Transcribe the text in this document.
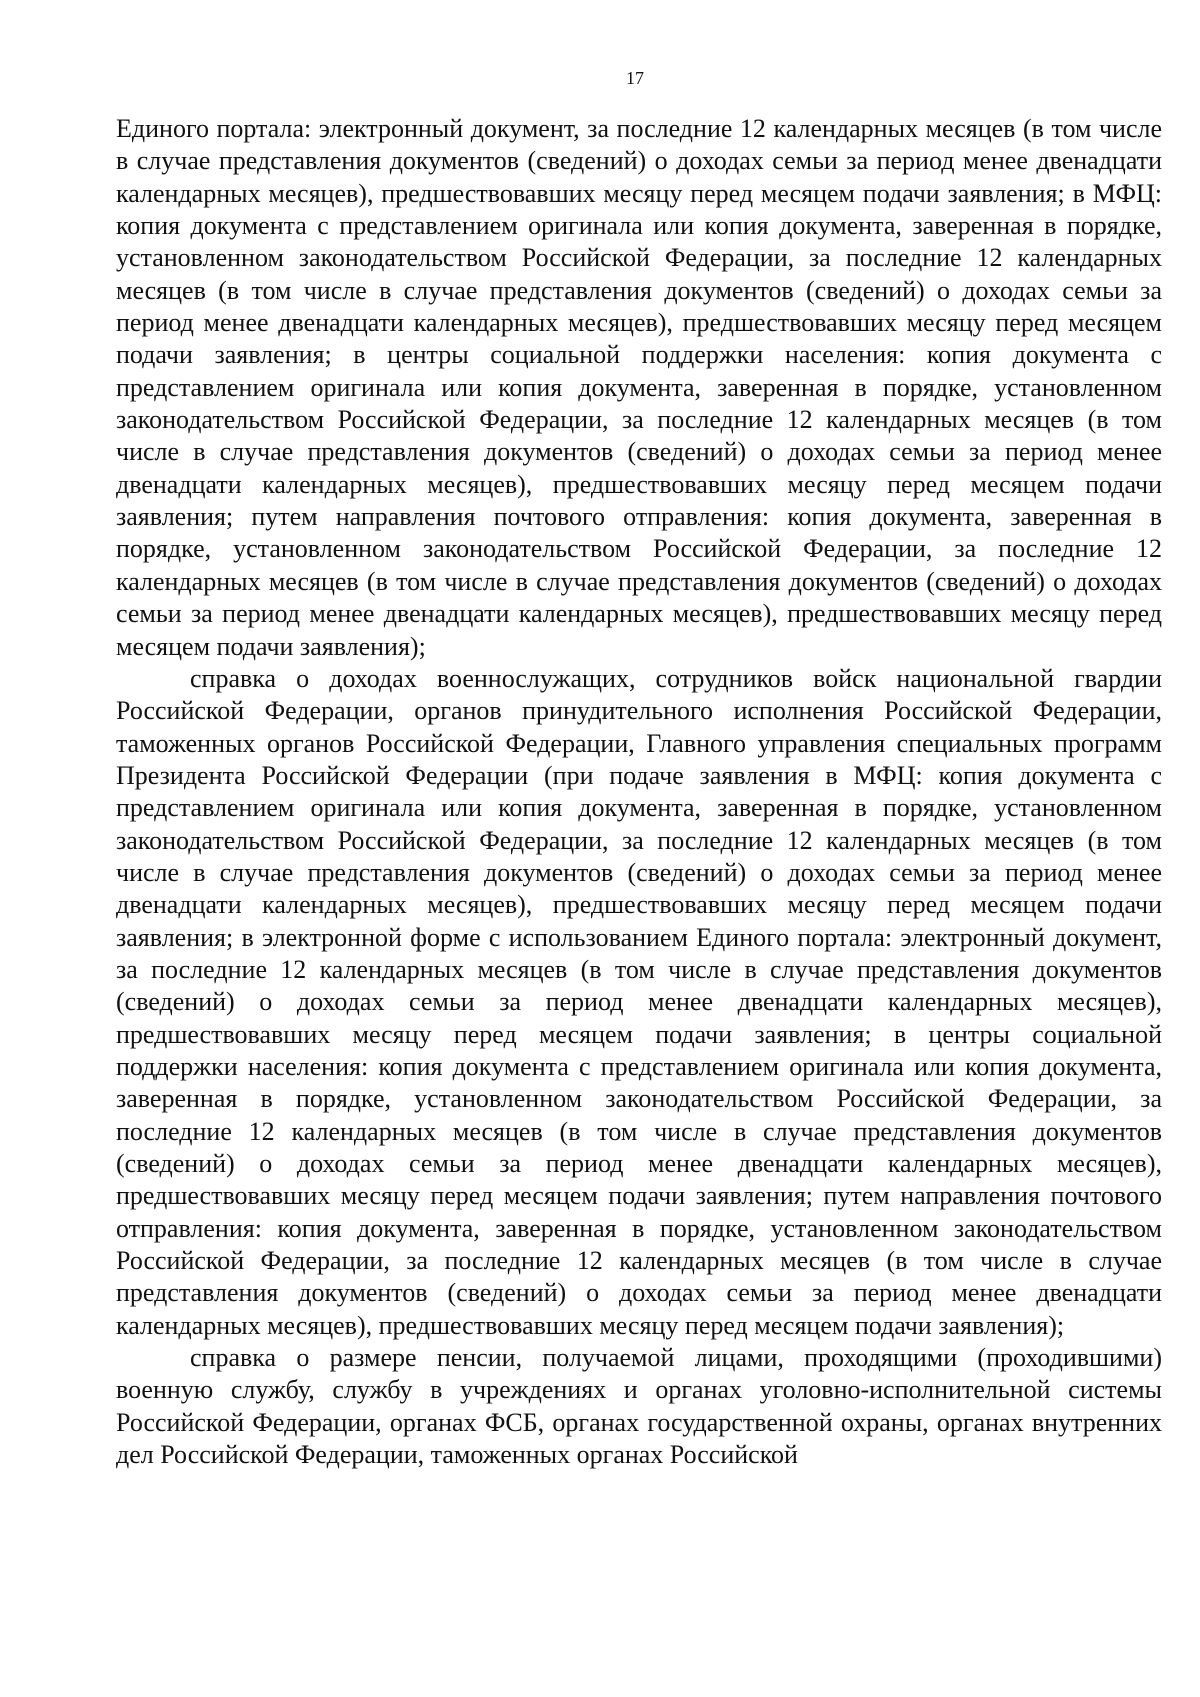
17

Единого портала: электронный документ, за последние 12 календарных месяцев (в том числе в случае представления документов (сведений) о доходах семьи за период менее двенадцати календарных месяцев), предшествовавших месяцу перед месяцем подачи заявления; в МФЦ: копия документа с представлением оригинала или копия документа, заверенная в порядке, установленном законодательством Российской Федерации, за последние 12 календарных месяцев (в том числе в случае представления документов (сведений) о доходах семьи за период менее двенадцати календарных месяцев), предшествовавших месяцу перед месяцем подачи заявления; в центры социальной поддержки населения: копия документа с представлением оригинала или копия документа, заверенная в порядке, установленном законодательством Российской Федерации, за последние 12 календарных месяцев (в том числе в случае представления документов (сведений) о доходах семьи за период менее двенадцати календарных месяцев), предшествовавших месяцу перед месяцем подачи заявления; путем направления почтового отправления: копия документа, заверенная в порядке, установленном законодательством Российской Федерации, за последние 12 календарных месяцев (в том числе в случае представления документов (сведений) о доходах семьи за период менее двенадцати календарных месяцев), предшествовавших месяцу перед месяцем подачи заявления);

справка о доходах военнослужащих, сотрудников войск национальной гвардии Российской Федерации, органов принудительного исполнения Российской Федерации, таможенных органов Российской Федерации, Главного управления специальных программ Президента Российской Федерации (при подаче заявления в МФЦ: копия документа с представлением оригинала или копия документа, заверенная в порядке, установленном законодательством Российской Федерации, за последние 12 календарных месяцев (в том числе в случае представления документов (сведений) о доходах семьи за период менее двенадцати календарных месяцев), предшествовавших месяцу перед месяцем подачи заявления; в электронной форме с использованием Единого портала: электронный документ, за последние 12 календарных месяцев (в том числе в случае представления документов (сведений) о доходах семьи за период менее двенадцати календарных месяцев), предшествовавших месяцу перед месяцем подачи заявления; в центры социальной поддержки населения: копия документа с представлением оригинала или копия документа, заверенная в порядке, установленном законодательством Российской Федерации, за последние 12 календарных месяцев (в том числе в случае представления документов (сведений) о доходах семьи за период менее двенадцати календарных месяцев), предшествовавших месяцу перед месяцем подачи заявления; путем направления почтового отправления: копия документа, заверенная в порядке, установленном законодательством Российской Федерации, за последние 12 календарных месяцев (в том числе в случае представления документов (сведений) о доходах семьи за период менее двенадцати календарных месяцев), предшествовавших месяцу перед месяцем подачи заявления);

справка о размере пенсии, получаемой лицами, проходящими (проходившими) военную службу, службу в учреждениях и органах уголовно-исполнительной системы Российской Федерации, органах ФСБ, органах государственной охраны, органах внутренних дел Российской Федерации, таможенных органах Российской
